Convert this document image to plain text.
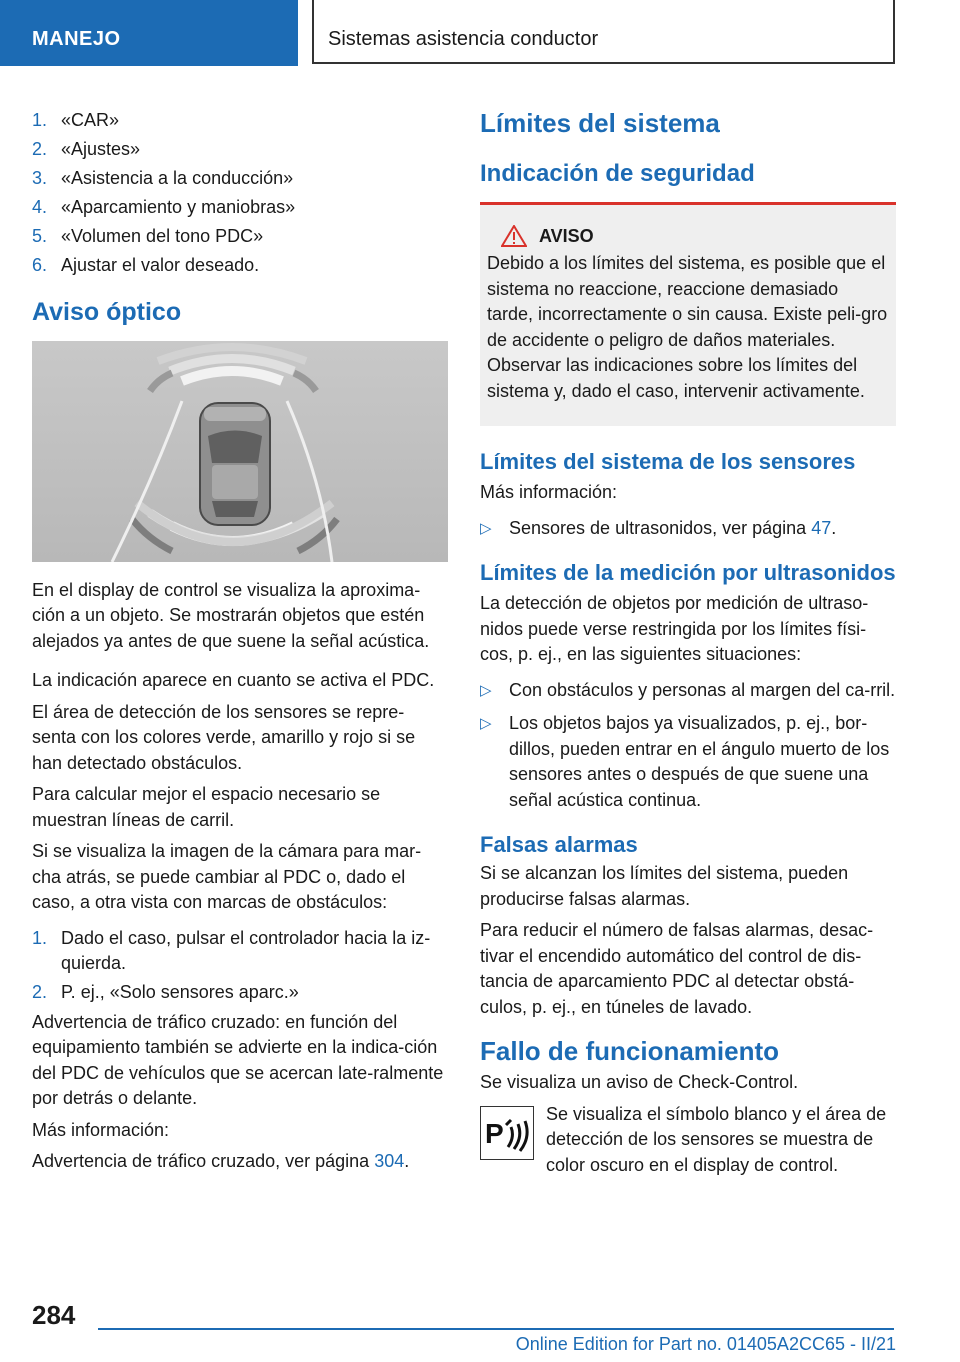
MANEJO	Sistemas asistencia conductor
1. «CAR»
2. «Ajustes»
3. «Asistencia a la conducción»
4. «Aparcamiento y maniobras»
5. «Volumen del tono PDC»
6. Ajustar el valor deseado.
Aviso óptico

En el display de control se visualiza la aproxima-ción a un objeto. Se mostrarán objetos que estén alejados ya antes de que suene la señal acústica.

La indicación aparece en cuanto se activa el PDC.

El área de detección de los sensores se repre-senta con los colores verde, amarillo y rojo si se han detectado obstáculos.

Para calcular mejor el espacio necesario se muestran líneas de carril.

Si se visualiza la imagen de la cámara para mar-cha atrás, se puede cambiar al PDC o, dado el caso, a otra vista con marcas de obstáculos:

1. Dado el caso, pulsar el controlador hacia la iz-quierda.
2. P. ej., «Solo sensores aparc.»

Advertencia de tráfico cruzado: en función del equipamiento también se advierte en la indica-ción del PDC de vehículos que se acercan late-ralmente por detrás o delante.

Más información:

Advertencia de tráfico cruzado, ver página 304.

Límites del sistema
Indicación de seguridad
AVISO

Debido a los límites del sistema, es posible que el sistema no reaccione, reaccione demasiado tarde, incorrectamente o sin causa. Existe peli-gro de accidente o peligro de daños materiales. Observar las indicaciones sobre los límites del sistema y, dado el caso, intervenir activamente.

Límites del sistema de los sensores

Más información:

▷ Sensores de ultrasonidos, ver página 47.
Límites de la medición por ultrasonidos

La detección de objetos por medición de ultraso-nidos puede verse restringida por los límites físi-cos, p. ej., en las siguientes situaciones:

▷ Con obstáculos y personas al margen del ca-rril.
▷ Los objetos bajos ya visualizados, p. ej., bor-dillos, pueden entrar en el ángulo muerto de los sensores antes o después de que suene una señal acústica continua.
Falsas alarmas

Si se alcanzan los límites del sistema, pueden producirse falsas alarmas.

Para reducir el número de falsas alarmas, desac-tivar el encendido automático del control de dis-tancia de aparcamiento PDC al detectar obstá-culos, p. ej., en túneles de lavado.

Fallo de funcionamiento

Se visualiza un aviso de Check-Control.

P

Se visualiza el símbolo blanco y el área de detección de los sensores se muestra de color oscuro en el display de control.

284
Online Edition for Part no. 01405A2CC65 - II/21
